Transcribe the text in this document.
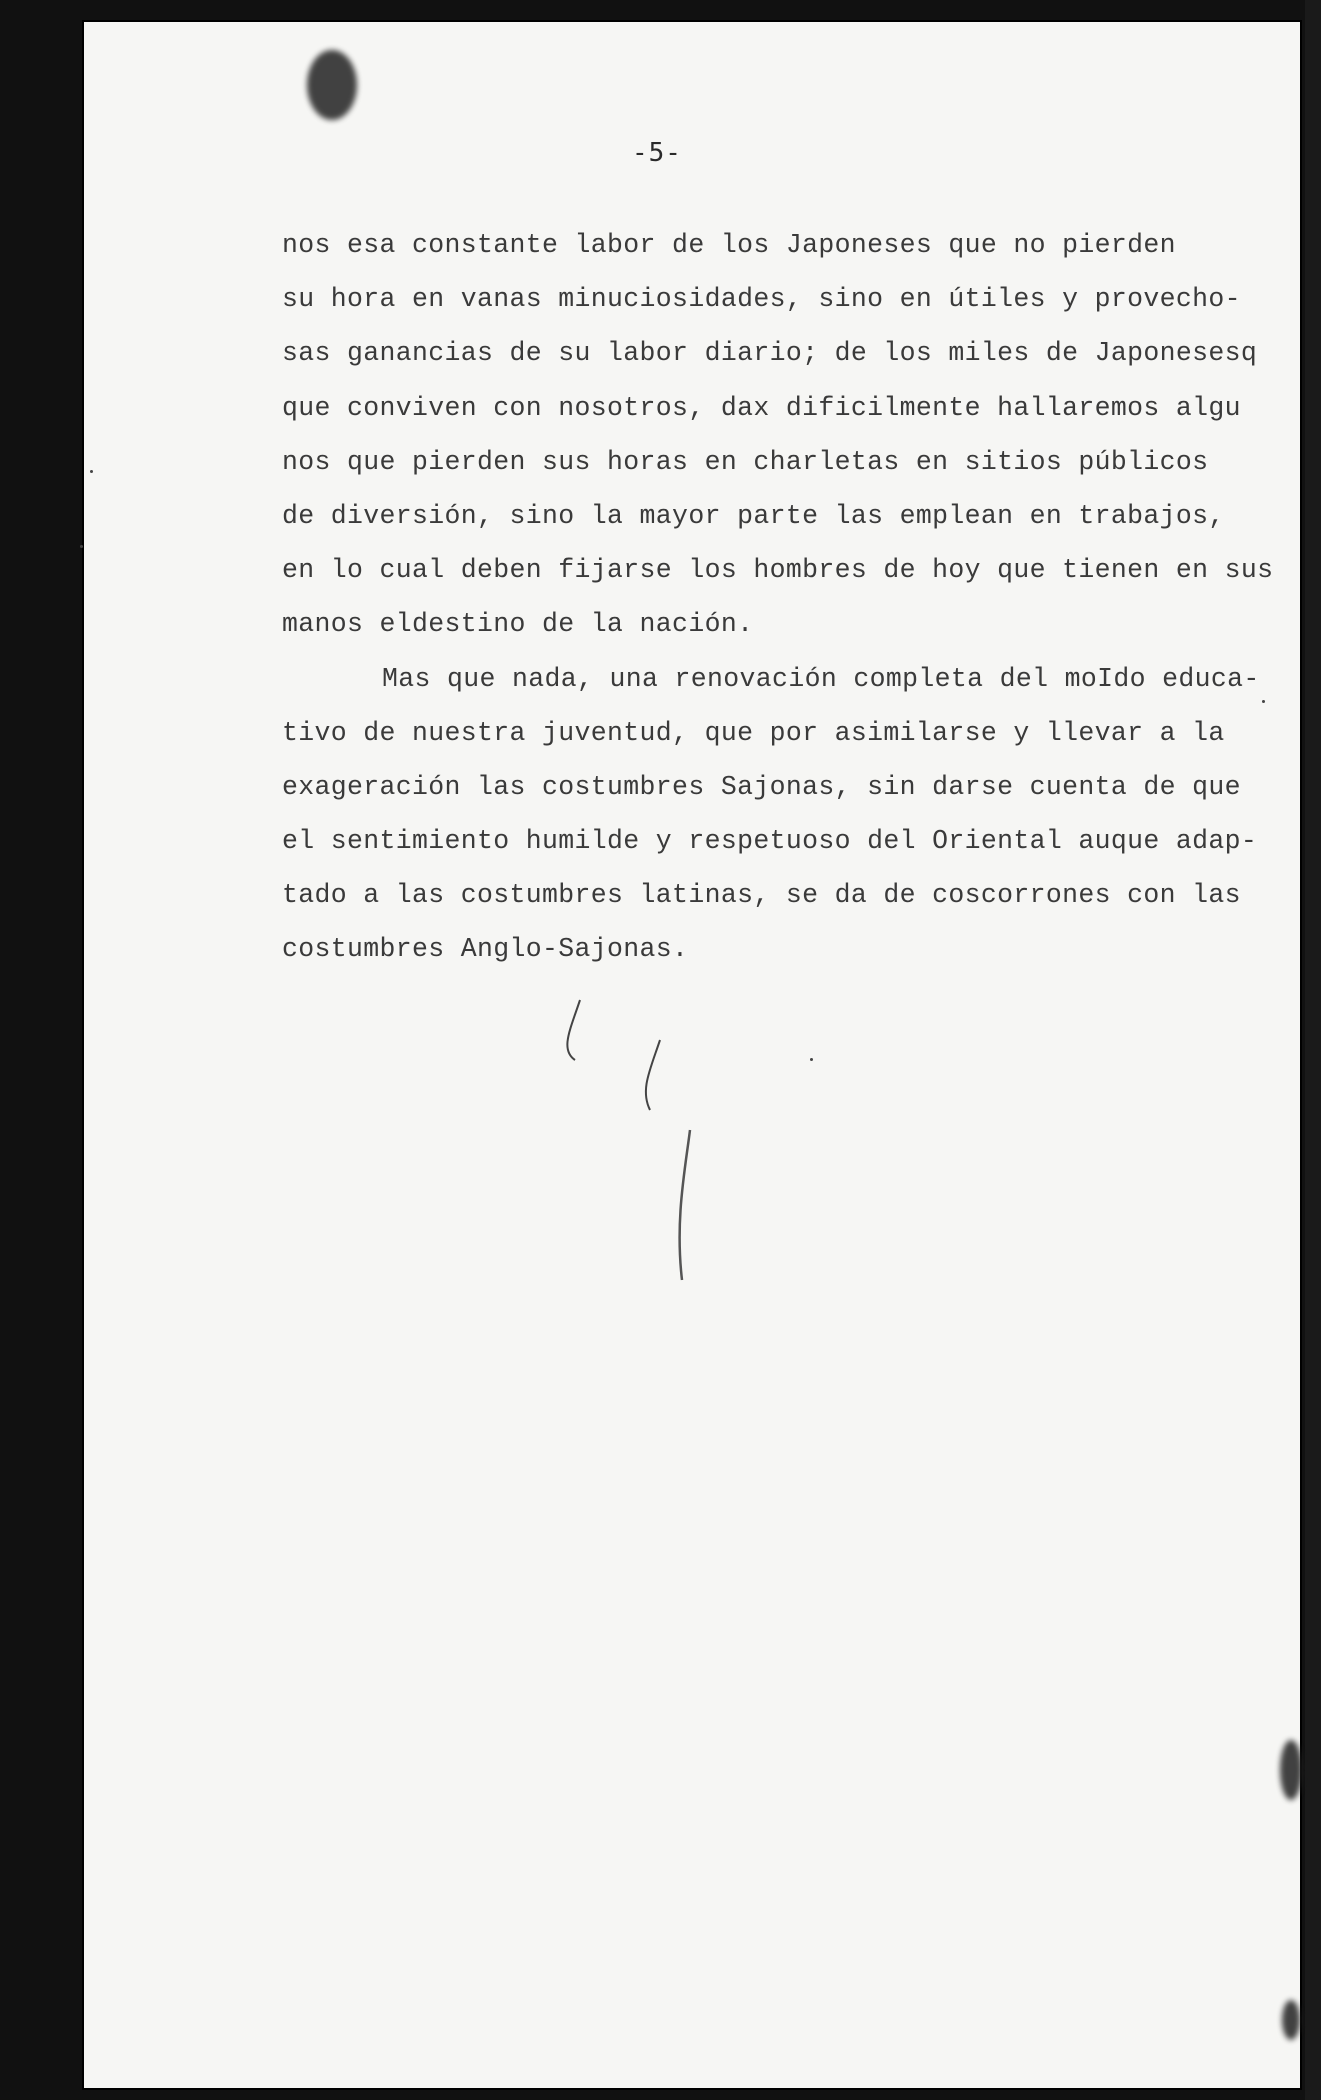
-5-
nos esa constante labor de los Japoneses que no pierden
su hora en vanas minuciosidades, sino en útiles y provecho-
sas ganancias de su labor diario; de los miles de Japonesesq
que conviven con nosotros, dax dificilmente hallaremos algu
nos que pierden sus horas en charletas en sitios públicos
de diversión, sino la mayor parte las emplean en trabajos,
en lo cual deben fijarse los hombres de hoy que tienen en sus
manos eldestino de la nación.
Mas que nada, una renovación completa del moIdo educa-
tivo de nuestra juventud, que por asimilarse y llevar a la
exageración las costumbres Sajonas, sin darse cuenta de que
el sentimiento humilde y respetuoso del Oriental auque adap-
tado a las costumbres latinas, se da de coscorrones con las
costumbres Anglo-Sajonas.
